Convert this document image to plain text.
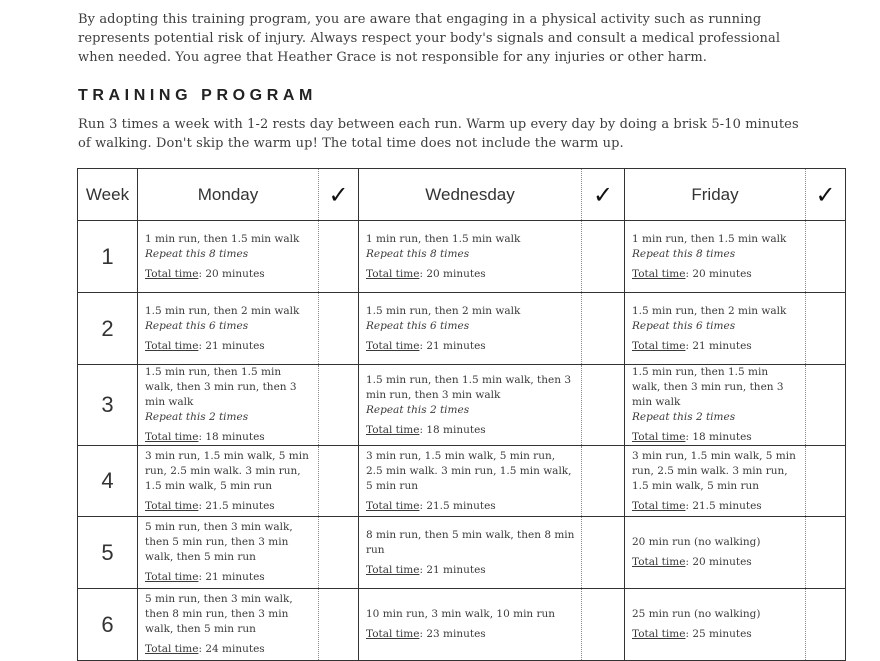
By adopting this training program, you are aware that engaging in a physical activity such as running represents potential risk of injury. Always respect your body's signals and consult a medical professional when needed. You agree that Heather Grace is not responsible for any injuries or other harm.

TRAINING PROGRAM

Run 3 times a week with 1-2 rests day between each run. Warm up every day by doing a brisk 5-10 minutes of walking. Don't skip the warm up! The total time does not include the warm up.

Week	Monday	✓	Wednesday	✓	Friday	✓
1	1 min run, then 1.5 min walk
Repeat this 8 times
Total time: 20 minutes		1 min run, then 1.5 min walk
Repeat this 8 times
Total time: 20 minutes		1 min run, then 1.5 min walk
Repeat this 8 times
Total time: 20 minutes	

2	1.5 min run, then 2 min walk
Repeat this 6 times
Total time: 21 minutes		1.5 min run, then 2 min walk
Repeat this 6 times
Total time: 21 minutes		1.5 min run, then 2 min walk
Repeat this 6 times
Total time: 21 minutes	

3	1.5 min run, then 1.5 min walk, then 3 min run, then 3 min walk
Repeat this 2 times
Total time: 18 minutes		1.5 min run, then 1.5 min walk, then 3 min run, then 3 min walk
Repeat this 2 times
Total time: 18 minutes		1.5 min run, then 1.5 min walk, then 3 min run, then 3 min walk
Repeat this 2 times
Total time: 18 minutes	

4	3 min run, 1.5 min walk, 5 min run, 2.5 min walk. 3 min run, 1.5 min walk, 5 min run
Total time: 21.5 minutes		3 min run, 1.5 min walk, 5 min run, 2.5 min walk. 3 min run, 1.5 min walk, 5 min run
Total time: 21.5 minutes		3 min run, 1.5 min walk, 5 min run, 2.5 min walk. 3 min run, 1.5 min walk, 5 min run
Total time: 21.5 minutes	

5	5 min run, then 3 min walk, then 5 min run, then 3 min walk, then 5 min run
Total time: 21 minutes		8 min run, then 5 min walk, then 8 min run
Total time: 21 minutes		20 min run (no walking)
Total time: 20 minutes	

6	5 min run, then 3 min walk, then 8 min run, then 3 min walk, then 5 min run
Total time: 24 minutes		10 min run, 3 min walk, 10 min run
Total time: 23 minutes		25 min run (no walking)
Total time: 25 minutes	
